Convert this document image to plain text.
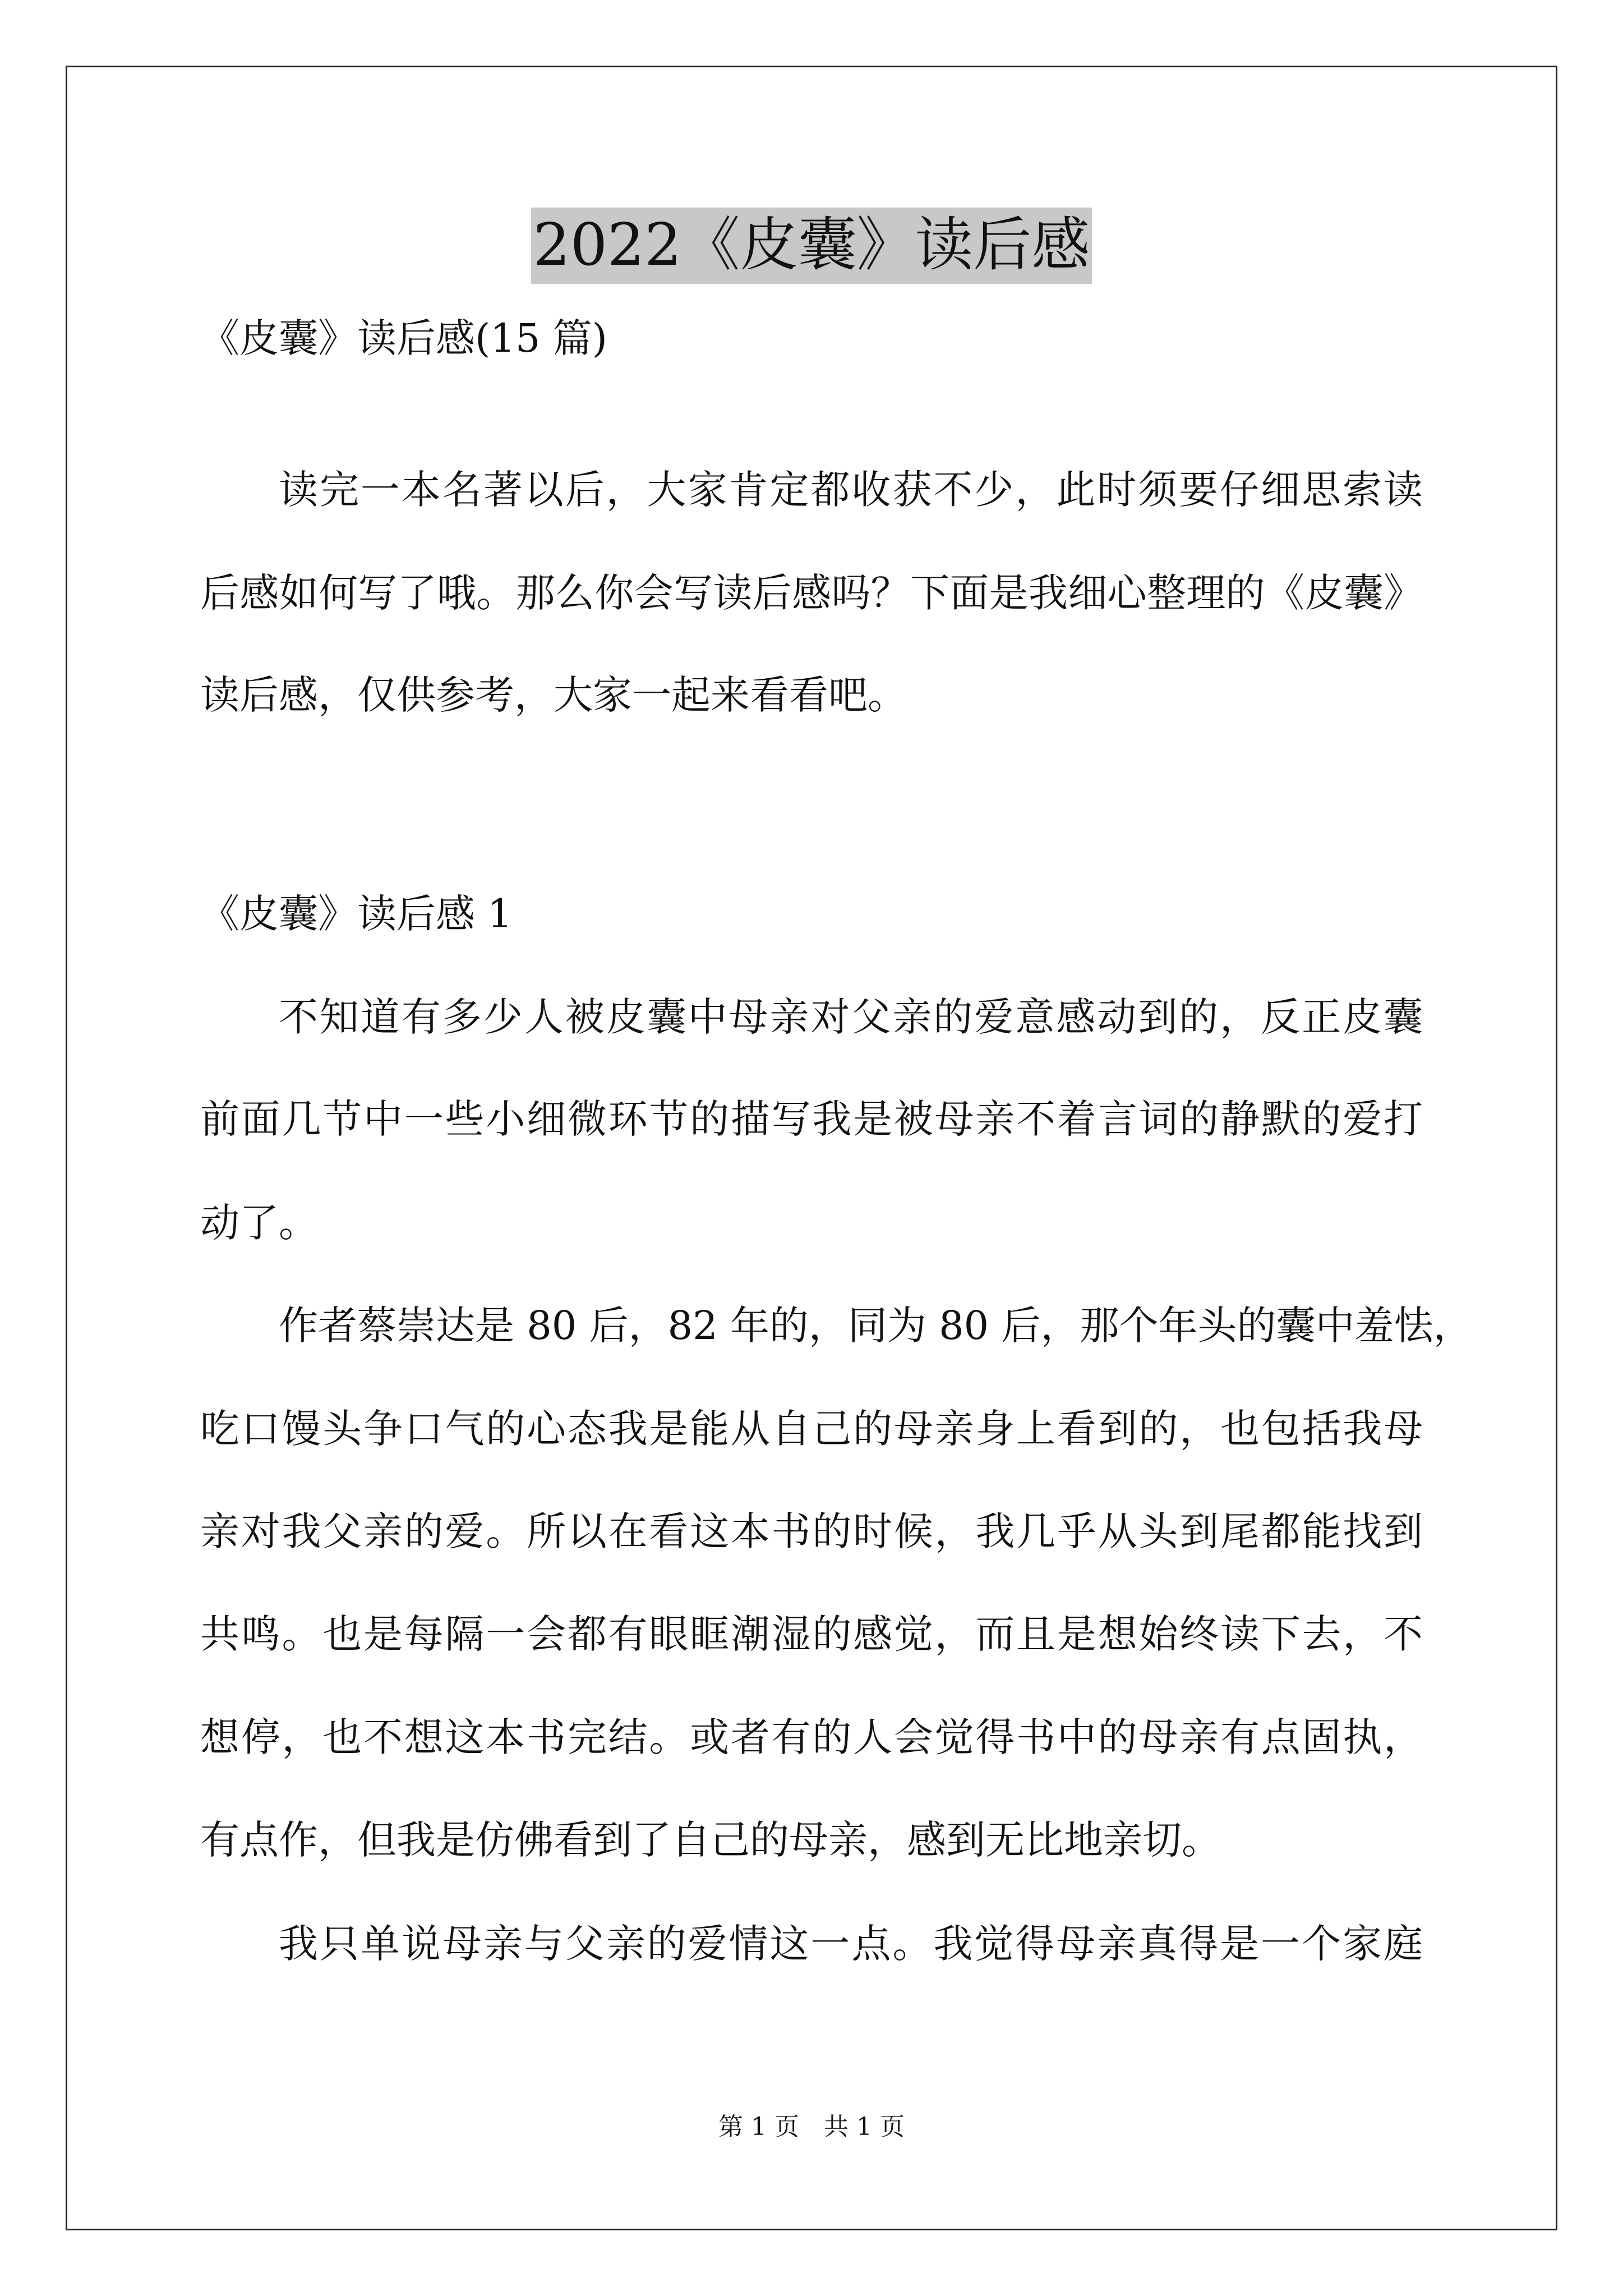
2022《皮囊》读后感
《皮囊》读后感(15 篇)
读完一本名著以后，大家肯定都收获不少，此时须要仔细思索读
后感如何写了哦。那么你会写读后感吗？下面是我细心整理的《皮囊》
读后感，仅供参考，大家一起来看看吧。
《皮囊》读后感 1
不知道有多少人被皮囊中母亲对父亲的爱意感动到的，反正皮囊
前面几节中一些小细微环节的描写我是被母亲不着言词的静默的爱打
动了。
作者蔡崇达是 80 后，82 年的，同为 80 后，那个年头的囊中羞怯，
吃口馒头争口气的心态我是能从自己的母亲身上看到的，也包括我母
亲对我父亲的爱。所以在看这本书的时候，我几乎从头到尾都能找到
共鸣。也是每隔一会都有眼眶潮湿的感觉，而且是想始终读下去，不
想停，也不想这本书完结。或者有的人会觉得书中的母亲有点固执，
有点作，但我是仿佛看到了自己的母亲，感到无比地亲切。
我只单说母亲与父亲的爱情这一点。我觉得母亲真得是一个家庭
第 1 页　共 1 页
